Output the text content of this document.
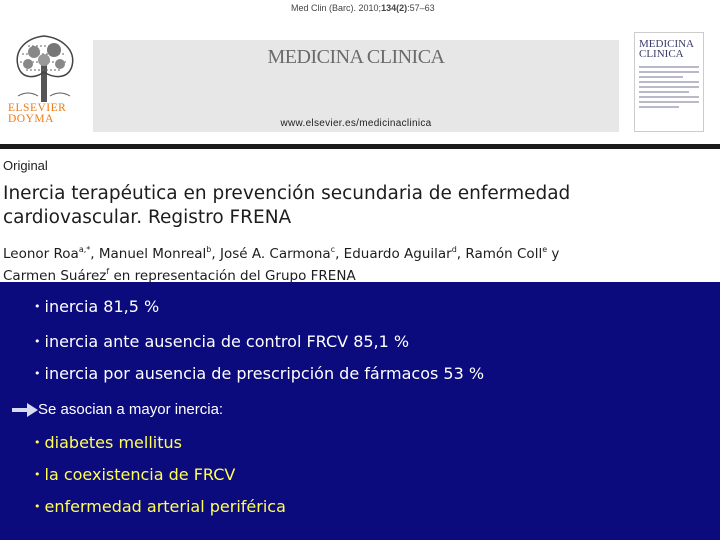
Med Clin (Barc). 2010;134(2):57–63
ELSEVIER
DOYMA
MEDICINA CLINICA
www.elsevier.es/medicinaclinica
MEDICINA
CLINICA
Original
Inercia terapéutica en prevención secundaria de enfermedad cardiovascular. Registro FRENA
Leonor Roa$^{a,*}$, Manuel Monreal$^b$, José A. Carmona$^c$, Eduardo Aguilar$^d$, Ramón Coll$^e$ y
Carmen Suárez$^f$ en representación del Grupo FRENA
• inercia 81,5 %
• inercia ante ausencia de control FRCV 85,1 %
• inercia por ausencia de prescripción de fármacos 53 %
Se asocian a mayor inercia:
• diabetes mellitus
• la coexistencia de FRCV
• enfermedad arterial periférica
